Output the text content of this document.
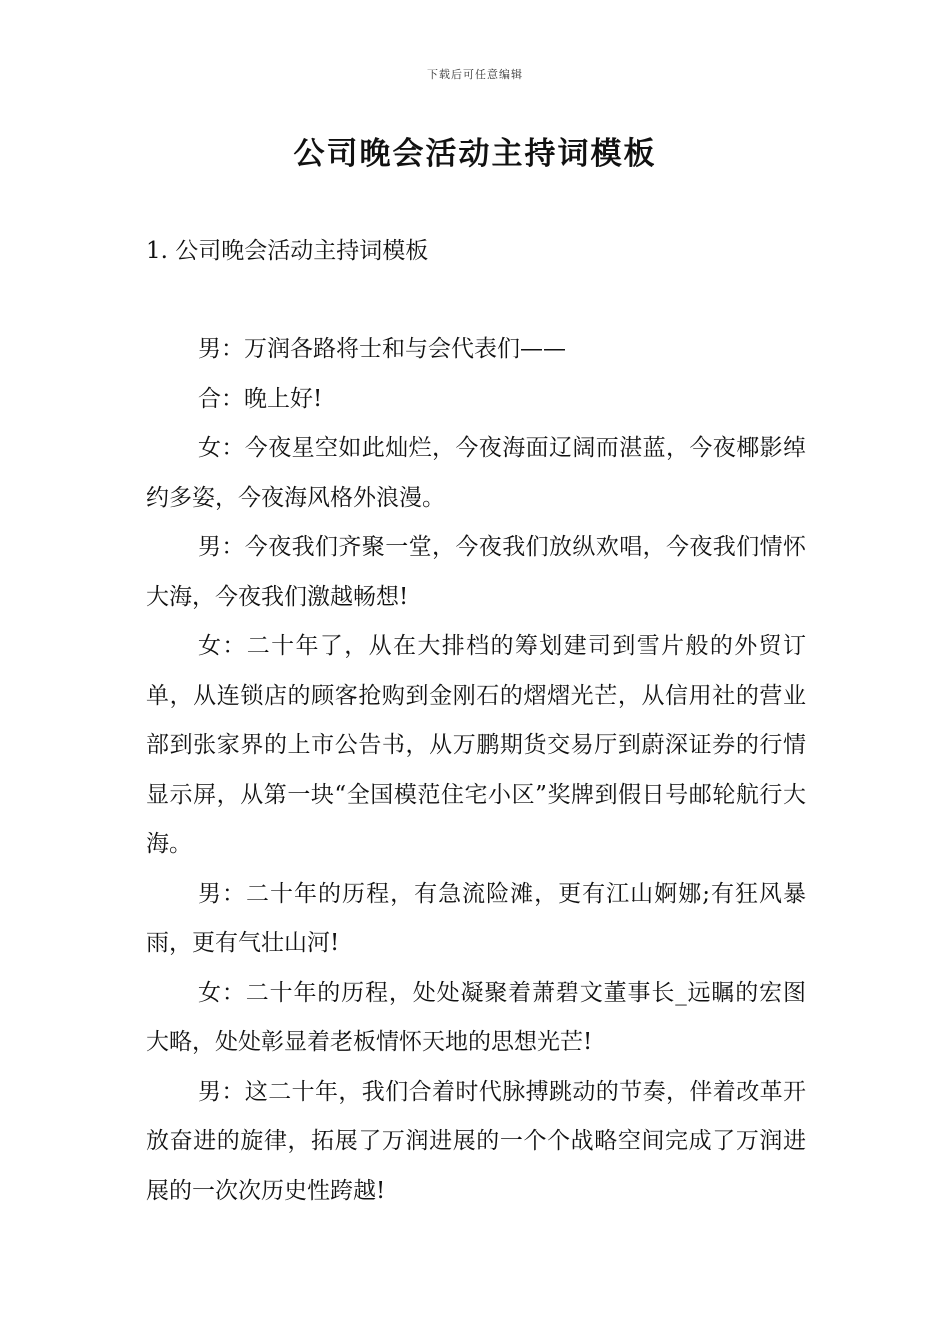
下载后可任意编辑
公司晚会活动主持词模板
1. 公司晚会活动主持词模板

男：万润各路将士和与会代表们——

合：晚上好!

女：今夜星空如此灿烂，今夜海面辽阔而湛蓝，今夜椰影绰约多姿，今夜海风格外浪漫。

男：今夜我们齐聚一堂，今夜我们放纵欢唱，今夜我们情怀大海，今夜我们激越畅想!

女：二十年了，从在大排档的筹划建司到雪片般的外贸订单，从连锁店的顾客抢购到金刚石的熠熠光芒，从信用社的营业部到张家界的上市公告书，从万鹏期货交易厅到蔚深证券的行情显示屏，从第一块“全国模范住宅小区”奖牌到假日号邮轮航行大海。

男：二十年的历程，有急流险滩，更有江山婀娜;有狂风暴雨，更有气壮山河!

女：二十年的历程，处处凝聚着萧碧文董事长_远瞩的宏图大略，处处彰显着老板情怀天地的思想光芒!

男：这二十年，我们合着时代脉搏跳动的节奏，伴着改革开放奋进的旋律，拓展了万润进展的一个个战略空间完成了万润进展的一次次历史性跨越!
